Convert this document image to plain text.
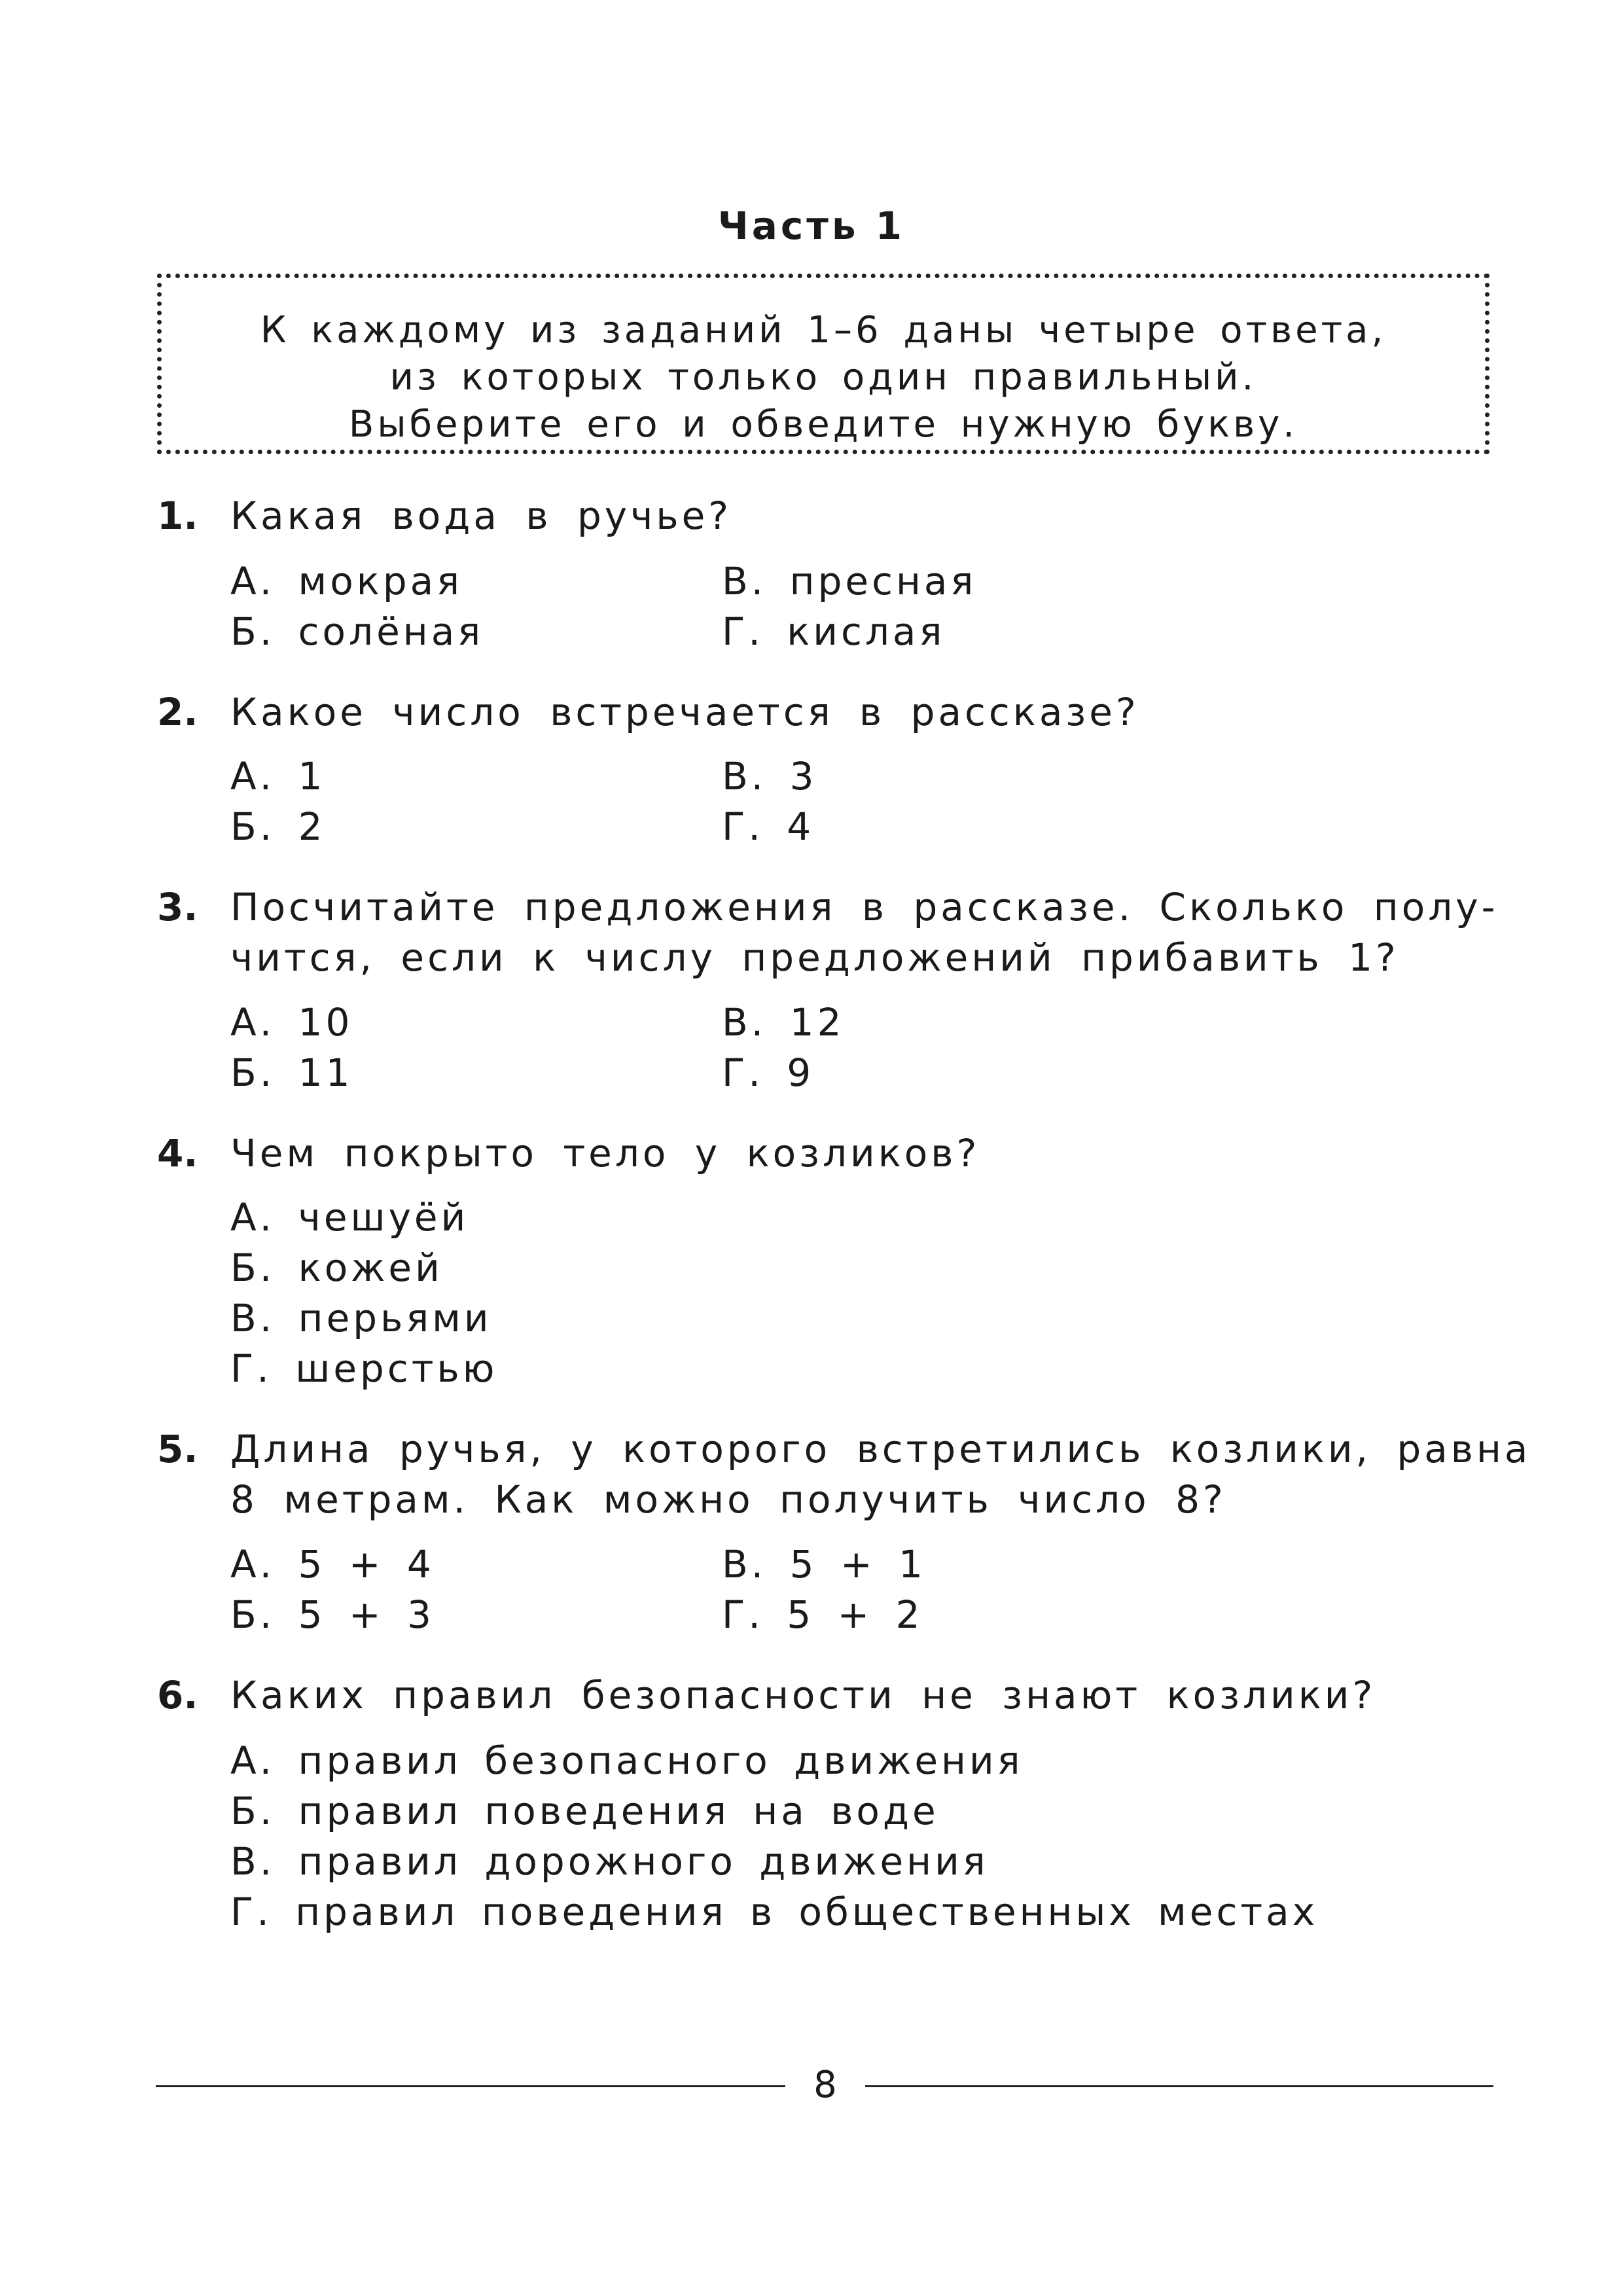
Часть 1
К каждому из заданий 1–6 даны четыре ответа,
из которых только один правильный.
Выберите его и обведите нужную букву.
1. Какая вода в ручье?
А. мокрая	В. пресная
Б. солёная	Г. кислая
2. Какое число встречается в рассказе?
А. 1	В. 3
Б. 2	Г. 4
3. Посчитайте предложения в рассказе. Сколько полу-
чится, если к числу предложений прибавить 1?
А. 10	В. 12
Б. 11	Г. 9
4. Чем покрыто тело у козликов?
А. чешуёй
Б. кожей
В. перьями
Г. шерстью
5. Длина ручья, у которого встретились козлики, равна
8 метрам. Как можно получить число 8?
А. 5 + 4	В. 5 + 1
Б. 5 + 3	Г. 5 + 2
6. Каких правил безопасности не знают козлики?
А. правил безопасного движения
Б. правил поведения на воде
В. правил дорожного движения
Г. правил поведения в общественных местах
8
